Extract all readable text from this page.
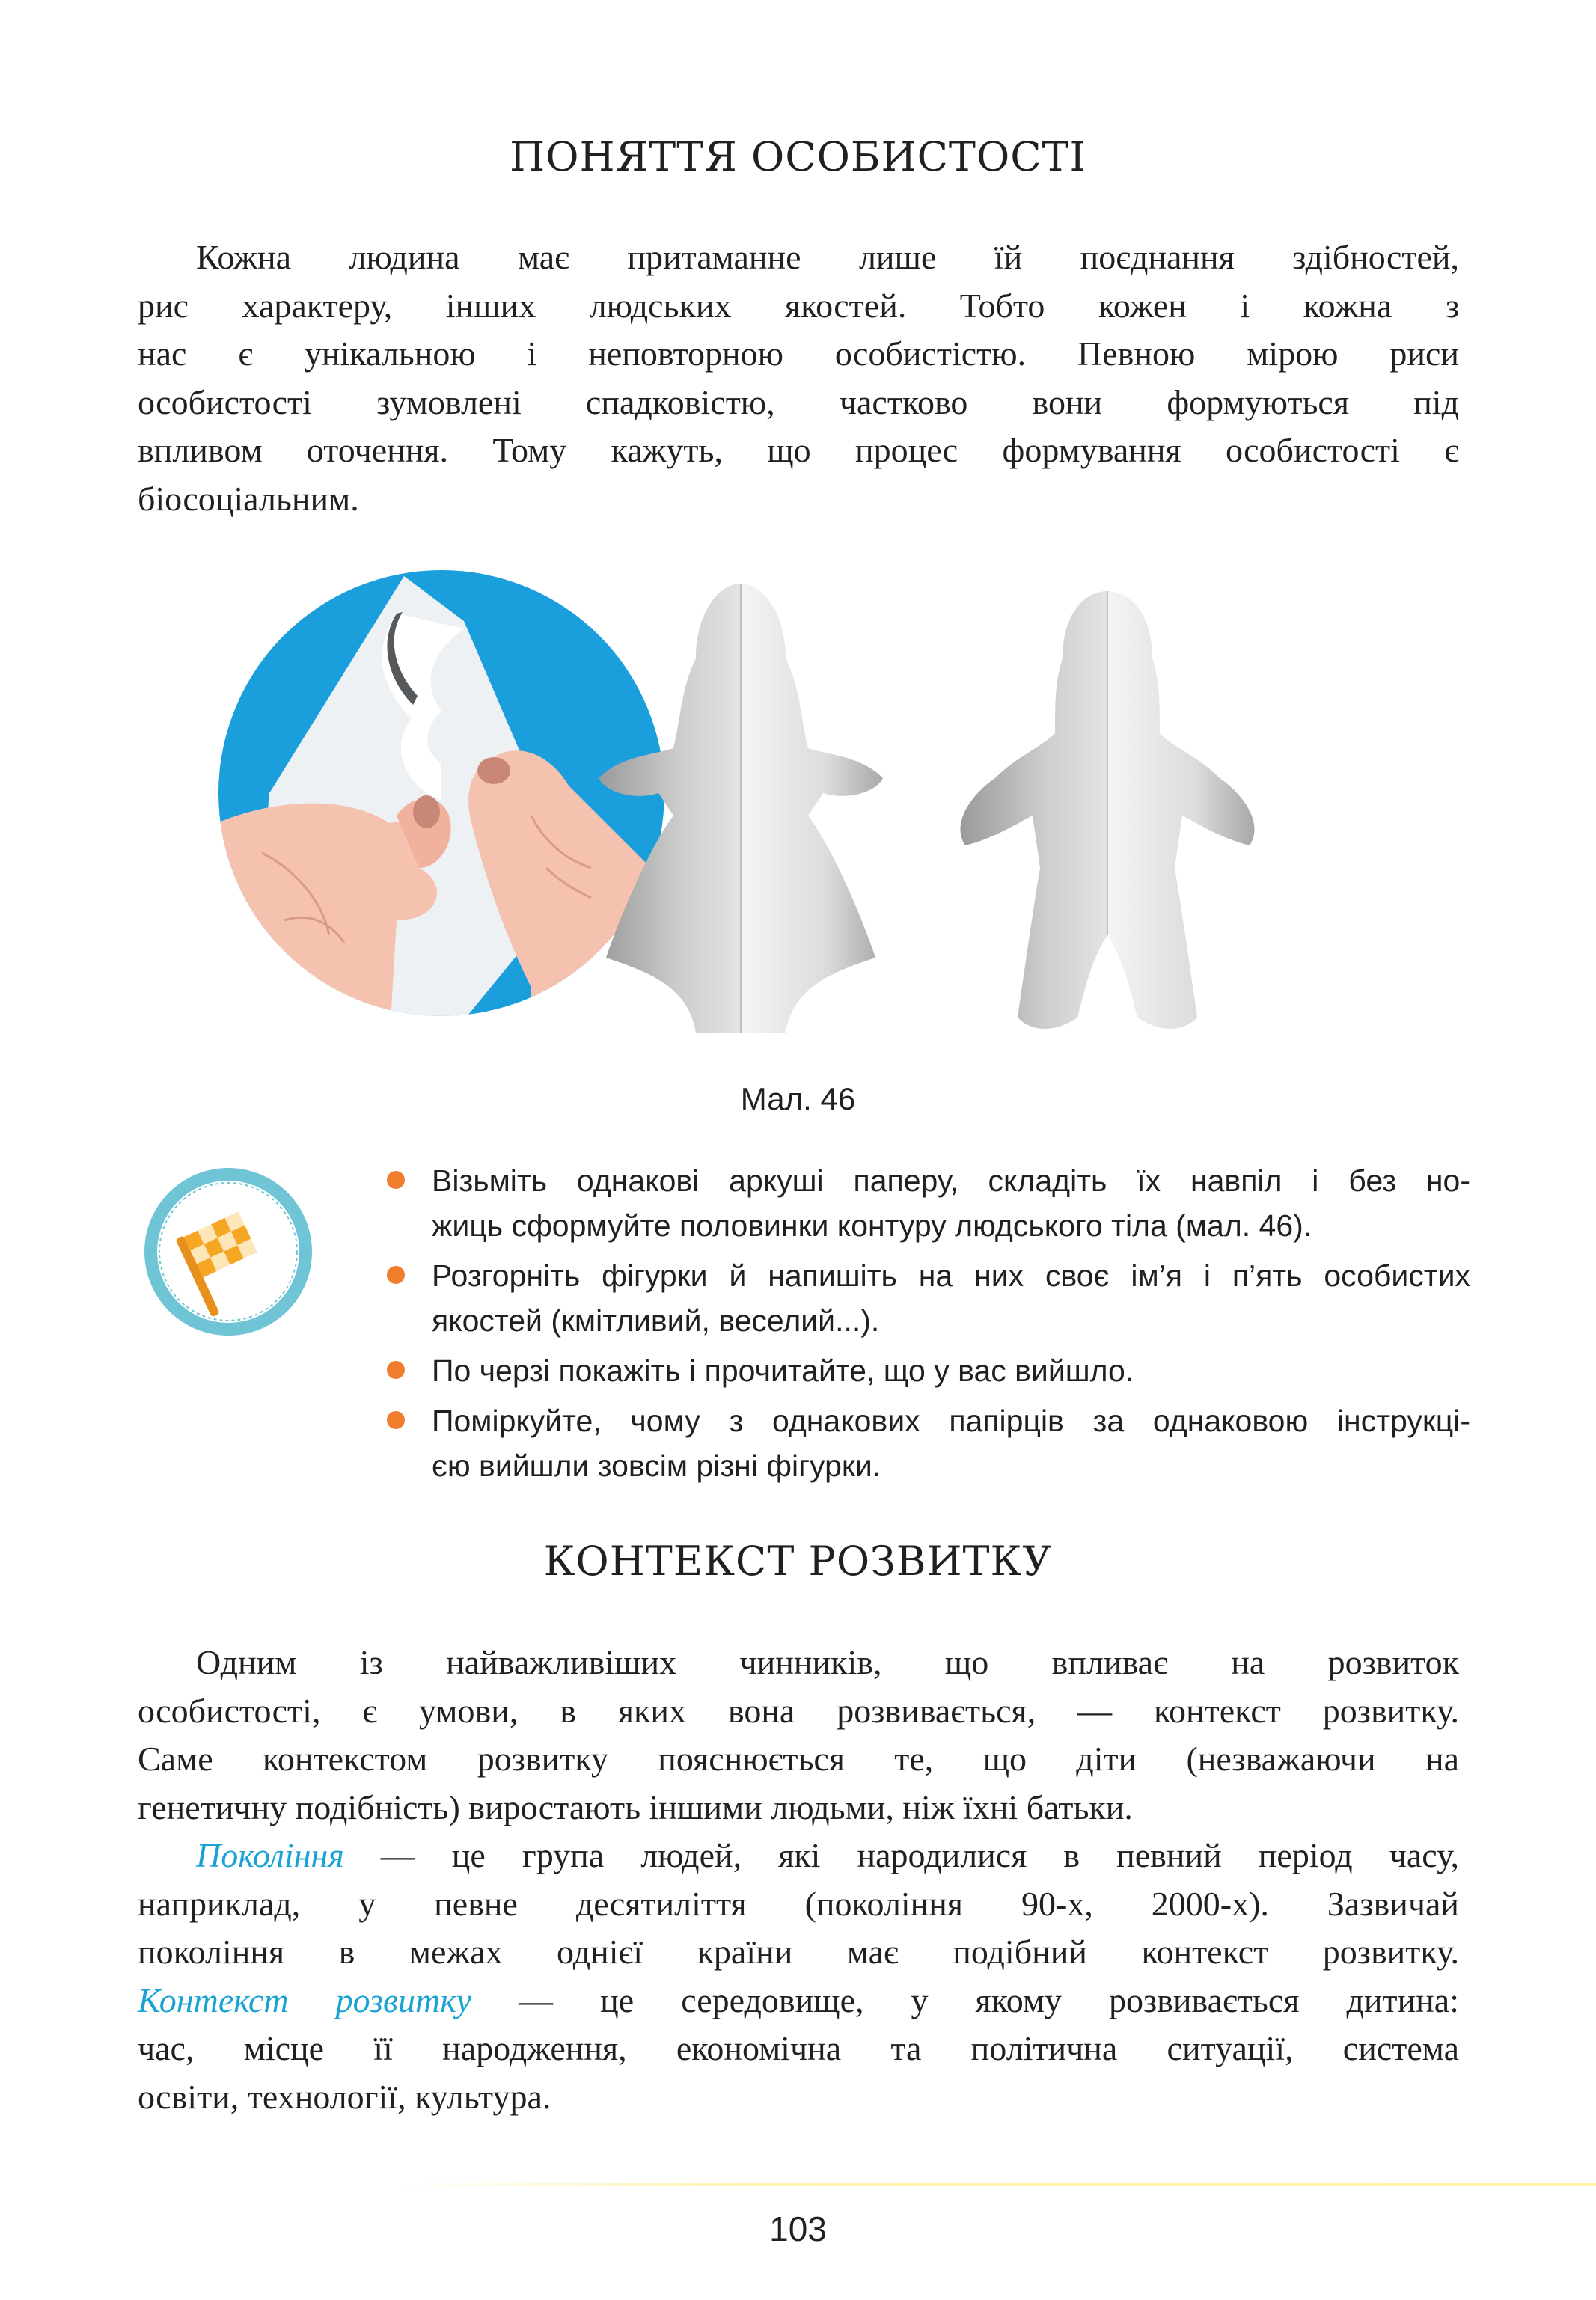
ПОНЯТТЯ ОСОБИСТОСТІ
Кожна людина має притаманне лише їй поєднання здібностей,
рис характеру, інших людських якостей. Тобто кожен і кожна з
нас є унікальною і неповторною особистістю. Певною мірою риси
особистості зумовлені спадковістю, частково вони формуються під
впливом оточення. Тому кажуть, що процес формування особистості є
біосоціальним.
Мал. 46
Візьміть однакові аркуші паперу, складіть їх навпіл і без но-
жиць сформуйте половинки контуру людського тіла (мал. 46).
Розгорніть фігурки й напишіть на них своє ім’я і п’ять особистих
якостей (кмітливий, веселий...).
По черзі покажіть і прочитайте, що у вас вийшло.
Поміркуйте, чому з однакових папірців за однаковою інструкці-
єю вийшли зовсім різні фігурки.
КОНТЕКСТ РОЗВИТКУ
Одним із найважливіших чинників, що впливає на розвиток
особистості, є умови, в яких вона розвивається, — контекст розвитку.
Саме контекстом розвитку пояснюється те, що діти (незважаючи на
генетичну подібність) виростають іншими людьми, ніж їхні батьки.
Покоління — це група людей, які народилися в певний період часу,
наприклад, у певне десятиліття (покоління 90-х, 2000-х). Зазвичай
покоління в межах однієї країни має подібний контекст розвитку.
Контекст розвитку — це середовище, у якому розвивається дитина:
час, місце її народження, економічна та політична ситуації, система
освіти, технології, культура.
103
